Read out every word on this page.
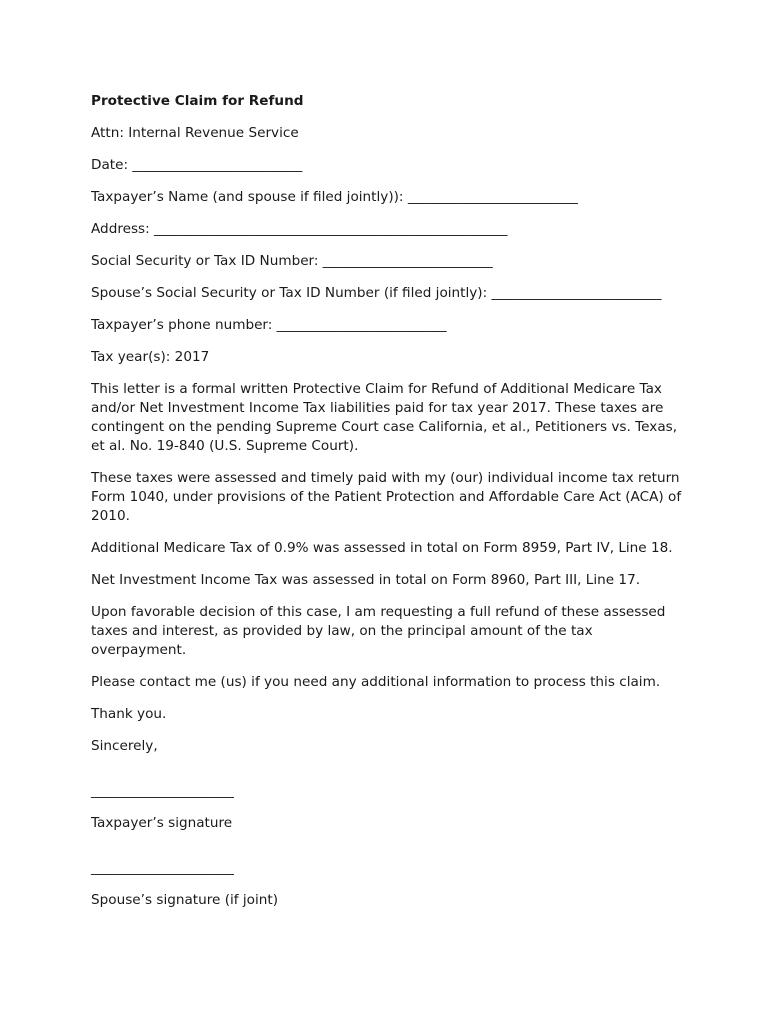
Protective Claim for Refund

Attn: Internal Revenue Service

Date: _________________________

Taxpayer’s Name (and spouse if filed jointly)): _________________________

Address: ____________________________________________________

Social Security or Tax ID Number: _________________________

Spouse’s Social Security or Tax ID Number (if filed jointly): _________________________

Taxpayer’s phone number: _________________________

Tax year(s): 2017

This letter is a formal written Protective Claim for Refund of Additional Medicare Tax and/or Net Investment Income Tax liabilities paid for tax year 2017. These taxes are contingent on the pending Supreme Court case California, et al., Petitioners vs. Texas, et al. No. 19-840 (U.S. Supreme Court).

These taxes were assessed and timely paid with my (our) individual income tax return Form 1040, under provisions of the Patient Protection and Affordable Care Act (ACA) of 2010.

Additional Medicare Tax of 0.9% was assessed in total on Form 8959, Part IV, Line 18.

Net Investment Income Tax was assessed in total on Form 8960, Part III, Line 17.

Upon favorable decision of this case, I am requesting a full refund of these assessed taxes and interest, as provided by law, on the principal amount of the tax overpayment.

Please contact me (us) if you need any additional information to process this claim.

Thank you.

Sincerely,

_____________________

Taxpayer’s signature

_____________________

Spouse’s signature (if joint)
